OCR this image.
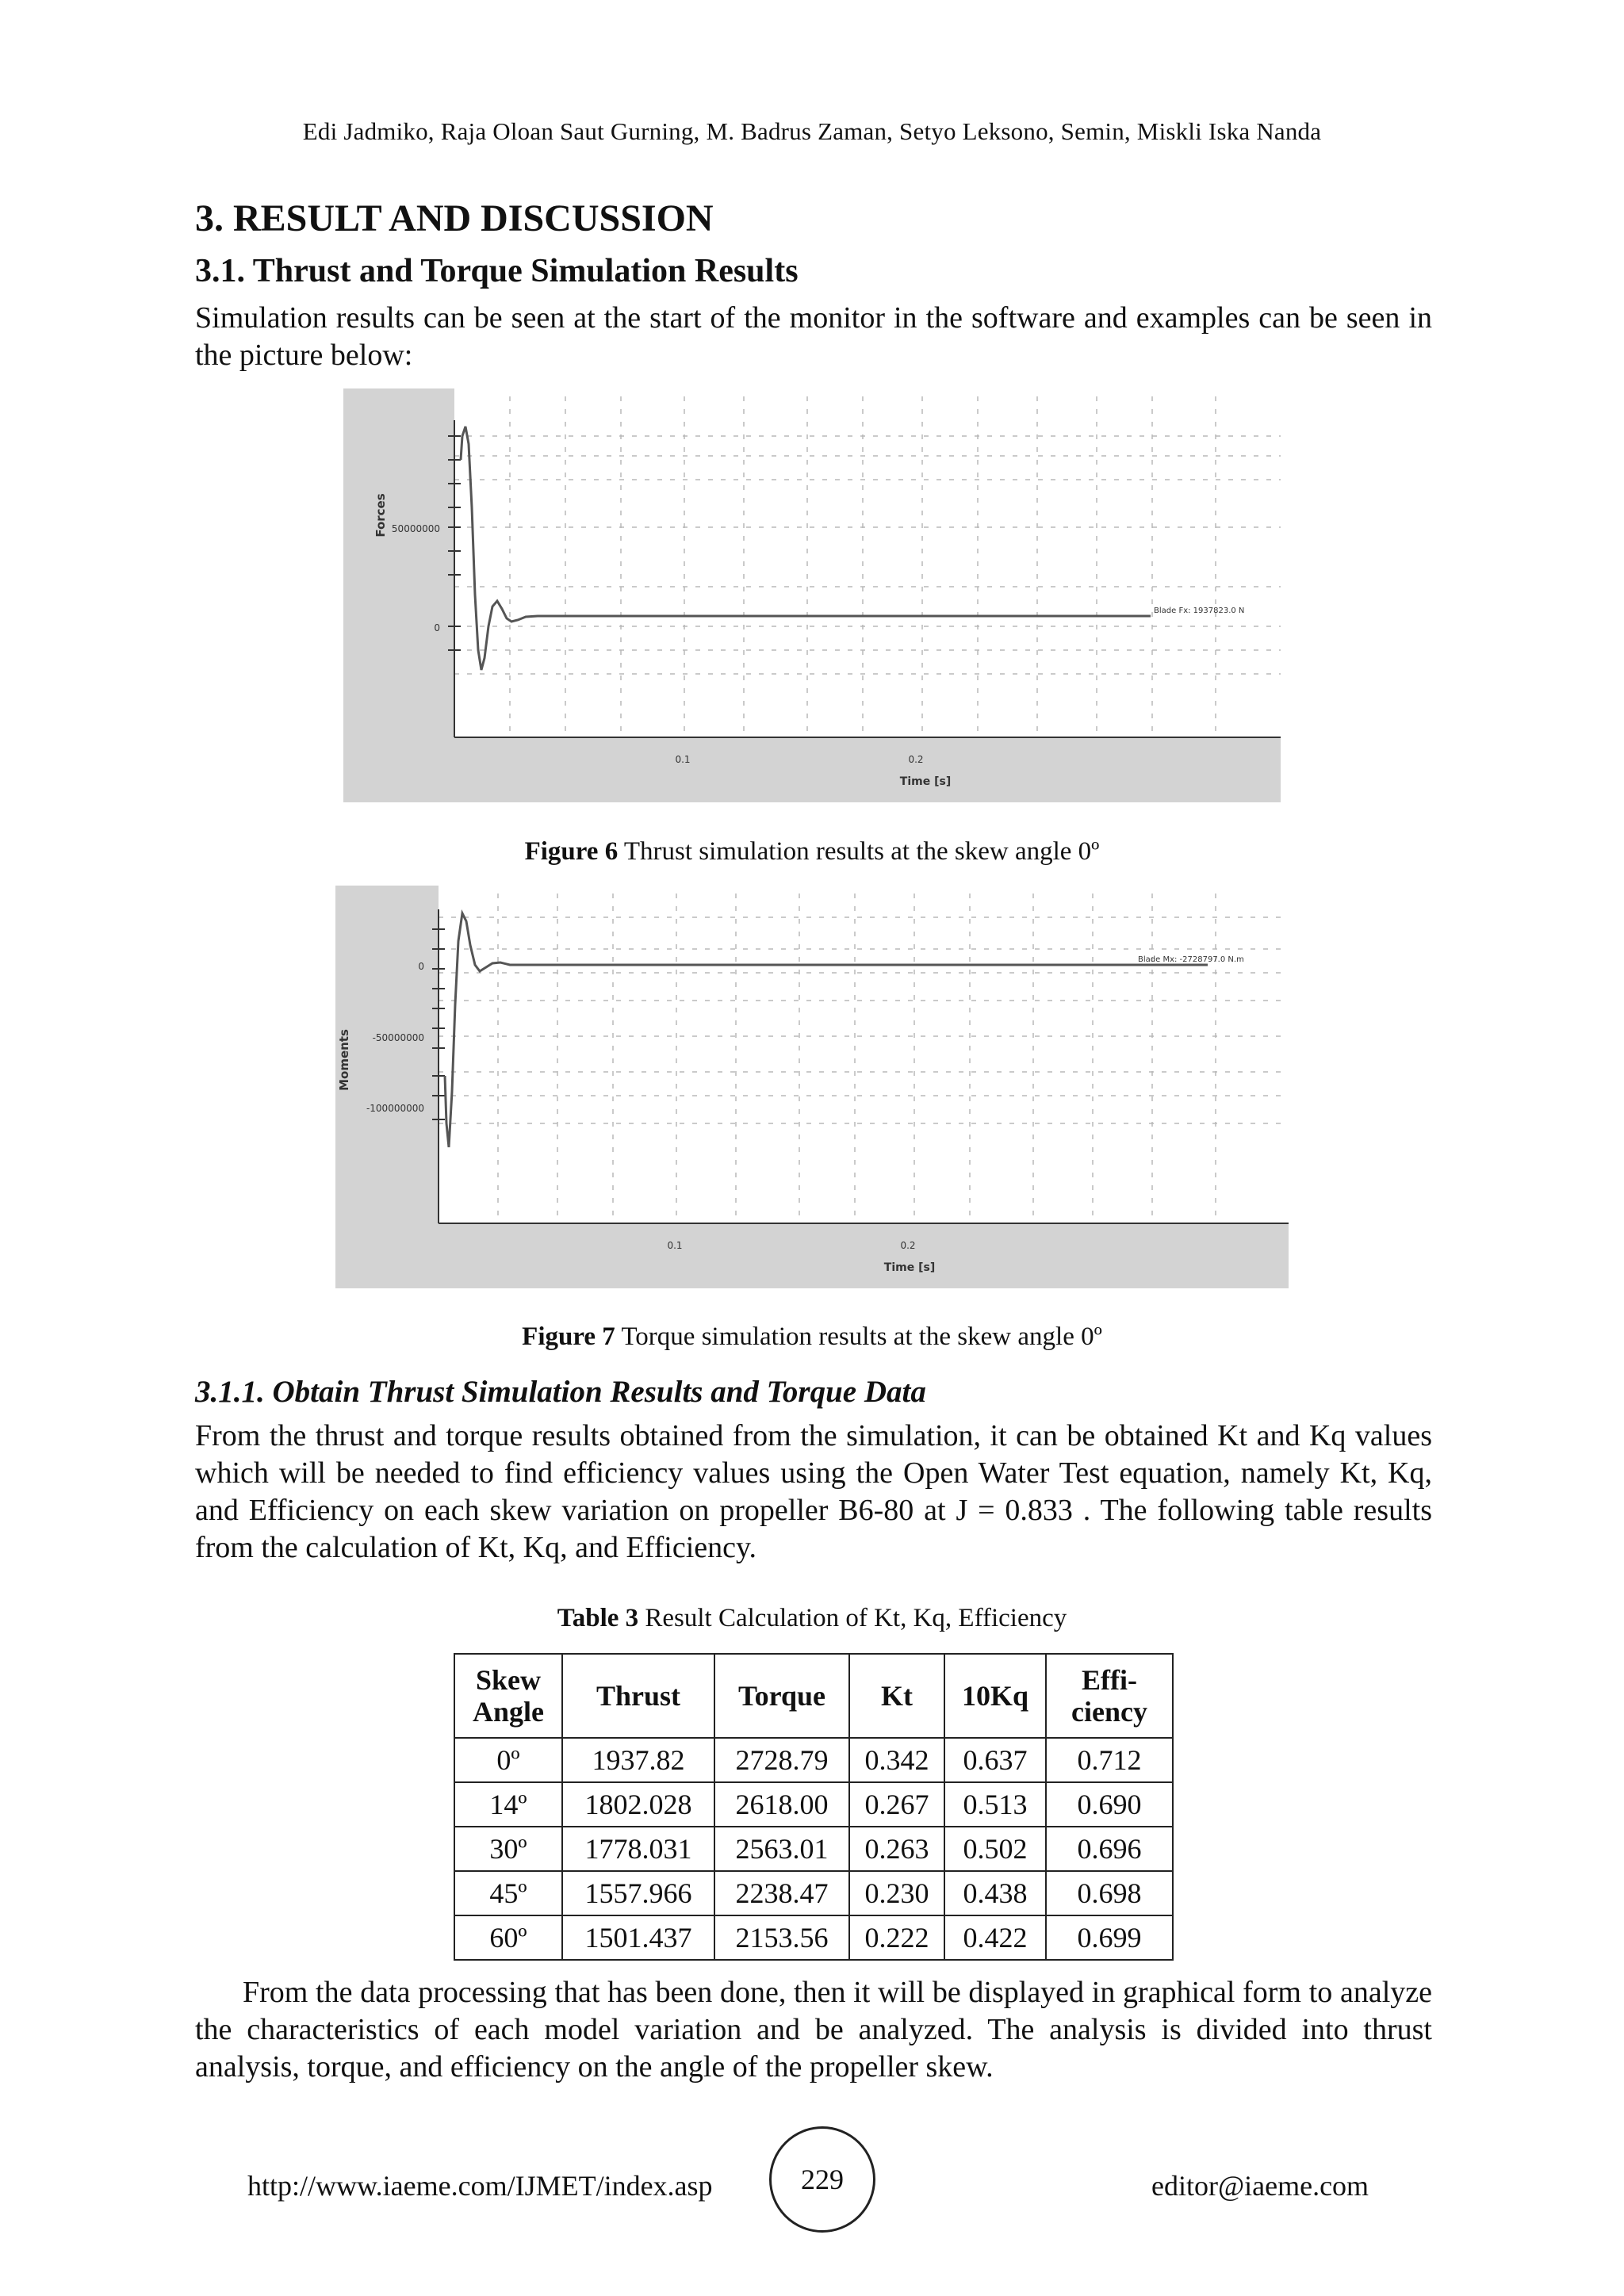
Edi Jadmiko, Raja Oloan Saut Gurning, M. Badrus Zaman, Setyo Leksono, Semin, Miskli Iska Nanda
3. RESULT AND DISCUSSION
3.1. Thrust and Torque Simulation Results
Simulation results can be seen at the start of the monitor in the software and examples can be seen in the picture below:
Forces 50000000
0
0.1	0.2
Time [s]
Blade Fx: 1937823.0 N
Figure 6 Thrust simulation results at the skew angle 0º
Moments
0
-50000000
-100000000
0.1	0.2
Time [s]
Blade Mx: -2728797.0 N.m
Figure 7 Torque simulation results at the skew angle 0º
3.1.1. Obtain Thrust Simulation Results and Torque Data
From the thrust and torque results obtained from the simulation, it can be obtained Kt and Kq values which will be needed to find efficiency values using the Open Water Test equation, namely Kt, Kq, and Efficiency on each skew variation on propeller B6-80 at J = 0.833 . The following table results from the calculation of Kt, Kq, and Efficiency.
Table 3 Result Calculation of Kt, Kq, Efficiency
Skew
Angle	Thrust	Torque	Kt	10Kq	Effi-
ciency
0º	1937.82	2728.79	0.342	0.637	0.712
14º	1802.028	2618.00	0.267	0.513	0.690
30º	1778.031	2563.01	0.263	0.502	0.696
45º	1557.966	2238.47	0.230	0.438	0.698
60º	1501.437	2153.56	0.222	0.422	0.699
From the data processing that has been done, then it will be displayed in graphical form to analyze the characteristics of each model variation and be analyzed. The analysis is divided into thrust analysis, torque, and efficiency on the angle of the propeller skew.
http://www.iaeme.com/IJMET/index.asp	229	editor@iaeme.com
